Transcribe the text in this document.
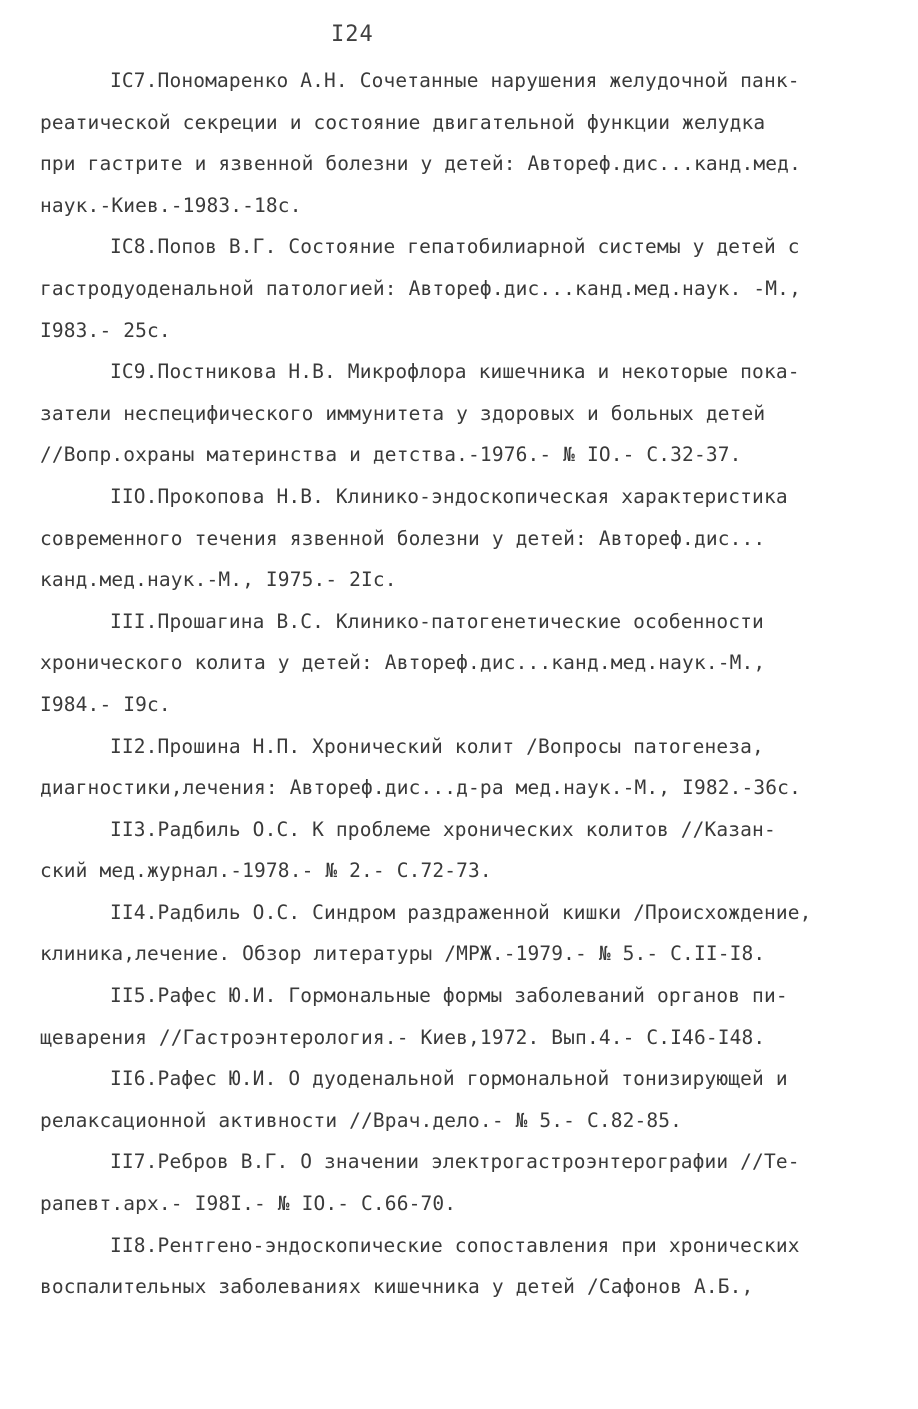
I24
IC7.Пономаренко А.Н. Сочетанные нарушения желудочной панк-
реатической секреции и состояние двигательной функции желудка
при гастрите и язвенной болезни у детей: Автореф.дис...канд.мед.
наук.-Киев.-1983.-18с.
IC8.Попов В.Г. Состояние гепатобилиарной системы у детей с
гастродуоденальной патологией: Автореф.дис...канд.мед.наук. -М.,
I983.- 25с.
IC9.Постникова Н.В. Микрофлора кишечника и некоторые пока-
затели неспецифического иммунитета у здоровых и больных детей
//Вопр.охраны материнства и детства.-1976.- № IO.- С.32-37.
IIO.Прокопова Н.В. Клинико-эндоскопическая характеристика
современного течения язвенной болезни у детей: Автореф.дис...
канд.мед.наук.-М., I975.- 2Iс.
III.Прошагина В.С. Клинико-патогенетические особенности
хронического колита у детей: Автореф.дис...канд.мед.наук.-М.,
I984.- I9с.
II2.Прошина Н.П. Хронический колит /Вопросы патогенеза,
диагностики,лечения: Автореф.дис...д-ра мед.наук.-М., I982.-36с.
II3.Радбиль О.С. К проблеме хронических колитов //Казан-
ский мед.журнал.-1978.- № 2.- С.72-73.
II4.Радбиль О.С. Синдром раздраженной кишки /Происхождение,
клиника,лечение. Обзор литературы /МРЖ.-1979.- № 5.- С.II-I8.
II5.Рафес Ю.И. Гормональные формы заболеваний органов пи-
щеварения //Гастроэнтерология.- Киев,1972. Вып.4.- С.I46-I48.
II6.Рафес Ю.И. О дуоденальной гормональной тонизирующей и
релаксационной активности //Врач.дело.- № 5.- С.82-85.
II7.Ребров В.Г. О значении электрогастроэнтерографии //Те-
рапевт.арх.- I98I.- № IO.- С.66-70.
II8.Рентгено-эндоскопические сопоставления при хронических
воспалительных заболеваниях кишечника у детей /Сафонов А.Б.,
